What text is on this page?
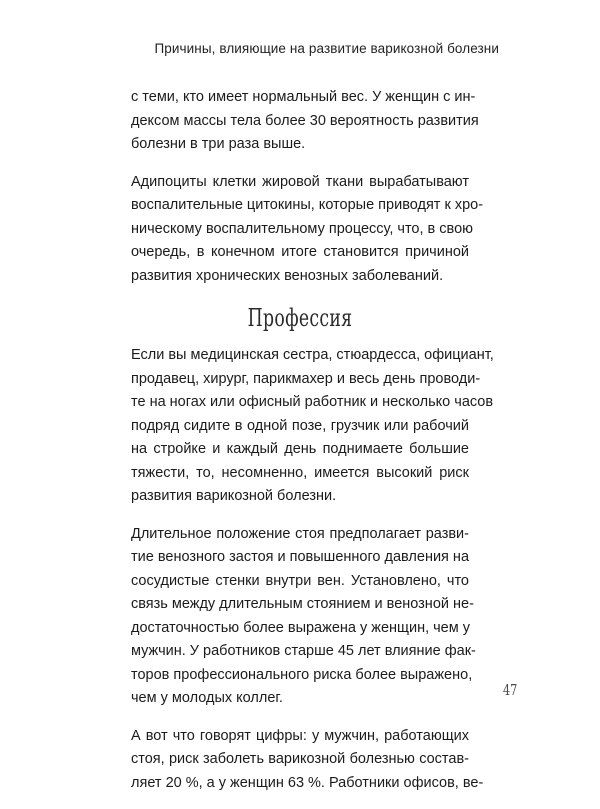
Причины, влияющие на развитие варикозной болезни

с теми, кто имеет нормальный вес. У женщин с ин-
дексом массы тела более 30 вероятность развития
болезни в три раза выше.

Адипоциты клетки жировой ткани вырабатывают
воспалительные цитокины, которые приводят к хро-
ническому воспалительному процессу, что, в свою
очередь, в конечном итоге становится причиной
развития хронических венозных заболеваний.

Профессия

Если вы медицинская сестра, стюардесса, официант,
продавец, хирург, парикмахер и весь день проводи-
те на ногах или офисный работник и несколько часов
подряд сидите в одной позе, грузчик или рабочий
на стройке и каждый день поднимаете большие
тяжести, то, несомненно, имеется высокий риск
развития варикозной болезни.

Длительное положение стоя предполагает разви-
тие венозного застоя и повышенного давления на
сосудистые стенки внутри вен. Установлено, что
связь между длительным стоянием и венозной не-
достаточностью более выражена у женщин, чем у
мужчин. У работников старше 45 лет влияние фак-
торов профессионального риска более выражено,
чем у молодых коллег.

А вот что говорят цифры: у мужчин, работающих
стоя, риск заболеть варикозной болезнью состав-
ляет 20 %, а у женщин 63 %. Работники офисов, ве-

47
